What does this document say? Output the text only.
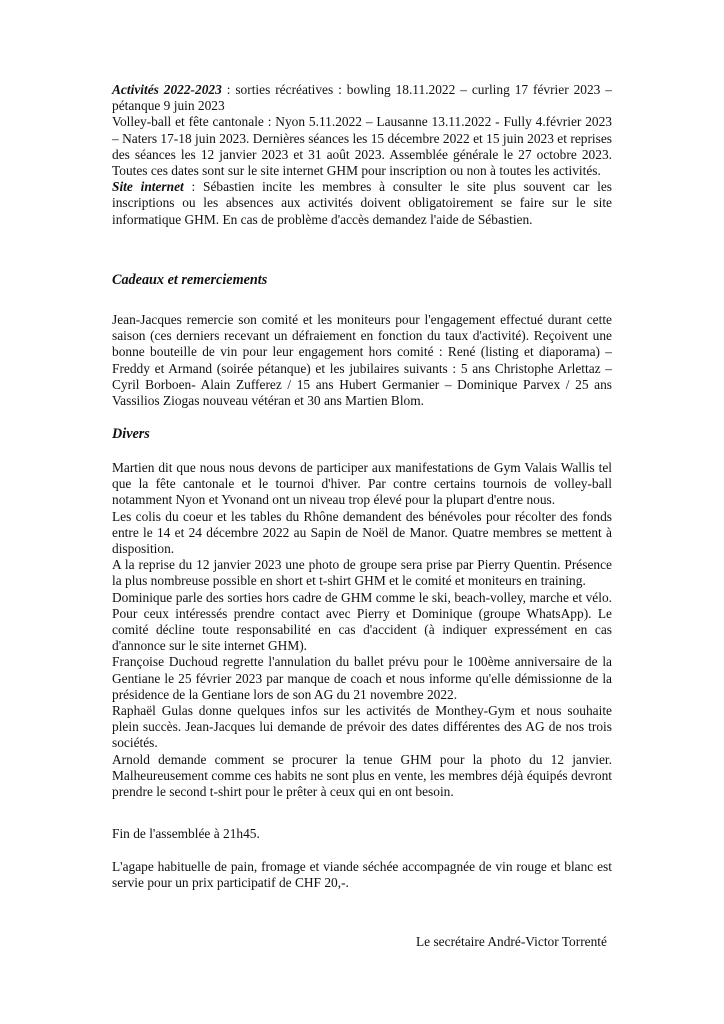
Activités 2022-2023 : sorties récréatives : bowling 18.11.2022 – curling 17 février 2023 – pétanque 9 juin 2023

Volley-ball et fête cantonale : Nyon 5.11.2022 – Lausanne 13.11.2022 - Fully 4.février 2023 – Naters 17-18 juin 2023. Dernières séances les 15 décembre 2022 et 15 juin 2023 et reprises des séances les 12 janvier 2023 et 31 août 2023. Assemblée générale le 27 octobre 2023. Toutes ces dates sont sur le site internet GHM pour inscription ou non à toutes les activités.

Site internet : Sébastien incite les membres à consulter le site plus souvent car les inscriptions ou les absences aux activités doivent obligatoirement se faire sur le site informatique GHM. En cas de problème d'accès demandez l'aide de Sébastien.

Cadeaux et remerciements

Jean-Jacques remercie son comité et les moniteurs pour l'engagement effectué durant cette saison (ces derniers recevant un défraiement en fonction du taux d'activité). Reçoivent une bonne bouteille de vin pour leur engagement hors comité : René (listing et diaporama) – Freddy et Armand (soirée pétanque) et les jubilaires suivants : 5 ans Christophe Arlettaz – Cyril Borboen- Alain Zufferez / 15 ans Hubert Germanier – Dominique Parvex / 25 ans Vassilios Ziogas nouveau vétéran et 30 ans Martien Blom.

Divers

Martien dit que nous nous devons de participer aux manifestations de Gym Valais Wallis tel que la fête cantonale et le tournoi d'hiver. Par contre certains tournois de volley-ball notamment Nyon et Yvonand ont un niveau trop élevé pour la plupart d'entre nous.

Les colis du coeur et les tables du Rhône demandent des bénévoles pour récolter des fonds entre le 14 et 24 décembre 2022 au Sapin de Noël de Manor. Quatre membres se mettent à disposition.

A la reprise du 12 janvier 2023 une photo de groupe sera prise par Pierry Quentin. Présence la plus nombreuse possible en short et t-shirt GHM et le comité et moniteurs en training.

Dominique parle des sorties hors cadre de GHM comme le ski, beach-volley, marche et vélo. Pour ceux intéressés prendre contact avec Pierry et Dominique (groupe WhatsApp). Le comité décline toute responsabilité en cas d'accident (à indiquer expressément en cas d'annonce sur le site internet GHM).

Françoise Duchoud regrette l'annulation du ballet prévu pour le 100ème anniversaire de la Gentiane le 25 février 2023 par manque de coach et nous informe qu'elle démissionne de la présidence de la Gentiane lors de son AG du 21 novembre 2022.

Raphaël Gulas donne quelques infos sur les activités de Monthey-Gym et nous souhaite plein succès. Jean-Jacques lui demande de prévoir des dates différentes des AG de nos trois sociétés.

Arnold demande comment se procurer la tenue GHM pour la photo du 12 janvier. Malheureusement comme ces habits ne sont plus en vente, les membres déjà équipés devront prendre le second t-shirt pour le prêter à ceux qui en ont besoin.

Fin de l'assemblée à 21h45.

L'agape habituelle de pain, fromage et viande séchée accompagnée de vin rouge et blanc est servie pour un prix participatif de CHF 20,-.

Le secrétaire André-Victor Torrenté
